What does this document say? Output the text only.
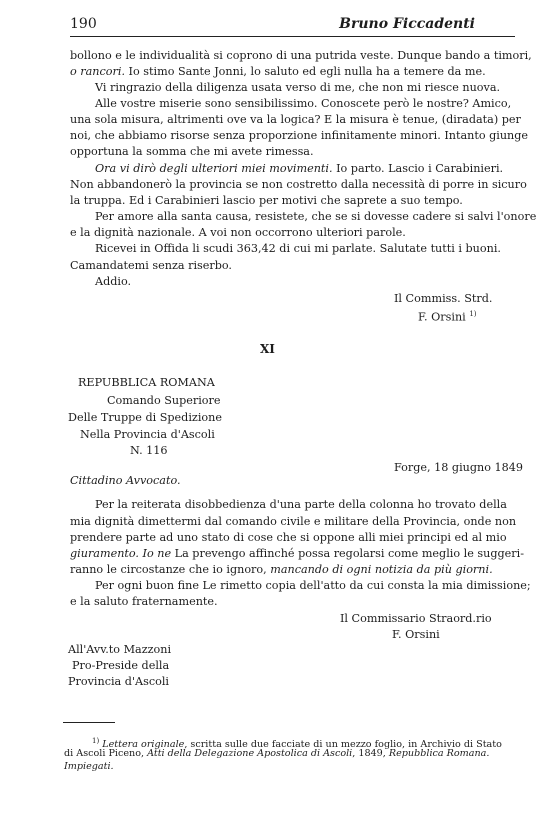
190	Bruno Ficcadenti
bollono e le individualità si coprono di una putrida veste. Dunque bando a timori,
o rancori. Io stimo Sante Jonni, lo saluto ed egli nulla ha a temere da me.
Vi ringrazio della diligenza usata verso di me, che non mi riesce nuova.
Alle vostre miserie sono sensibilissimo. Conoscete però le nostre? Amico,
una sola misura, altrimenti ove va la logica? E la misura è tenue, (diradata) per
noi, che abbiamo risorse senza proporzione infinitamente minori. Intanto giunge
opportuna la somma che mi avete rimessa.
Ora vi dirò degli ulteriori miei movimenti. Io parto. Lascio i Carabinieri.
Non abbandonerò la provincia se non costretto dalla necessità di porre in sicuro
la truppa. Ed i Carabinieri lascio per motivi che saprete a suo tempo.
Per amore alla santa causa, resistete, che se si dovesse cadere si salvi l'onore
e la dignità nazionale. A voi non occorrono ulteriori parole.
Ricevei in Offida li scudi 363,42 di cui mi parlate. Salutate tutti i buoni.
Camandatemi senza riserbo.
Addio.
Il Commiss. Strd.
F. Orsini $^{1)}$
XI
REPUBBLICA ROMANA
Comando Superiore
Delle Truppe di Spedizione
Nella Provincia d'Ascoli
N. 116
Forge, 18 giugno 1849
Cittadino Avvocato.
Per la reiterata disobbedienza d'una parte della colonna ho trovato della
mia dignità dimettermi dal comando civile e militare della Provincia, onde non
prendere parte ad uno stato di cose che si oppone alli miei principi ed al mio
giuramento. Io ne La prevengo affinché possa regolarsi come meglio le suggeri-
ranno le circostanze che io ignoro, mancando di ogni notizia da più giorni.
Per ogni buon fine Le rimetto copia dell'atto da cui consta la mia dimissione;
e la saluto fraternamente.
Il Commissario Straord.rio
F. Orsini
All'Avv.to Mazzoni
Pro-Preside della
Provincia d'Ascoli
$^{1)}$ Lettera originale, scritta sulle due facciate di un mezzo foglio, in Archivio di Stato
di Ascoli Piceno, Atti della Delegazione Apostolica di Ascoli, 1849, Repubblica Romana.
Impiegati.
